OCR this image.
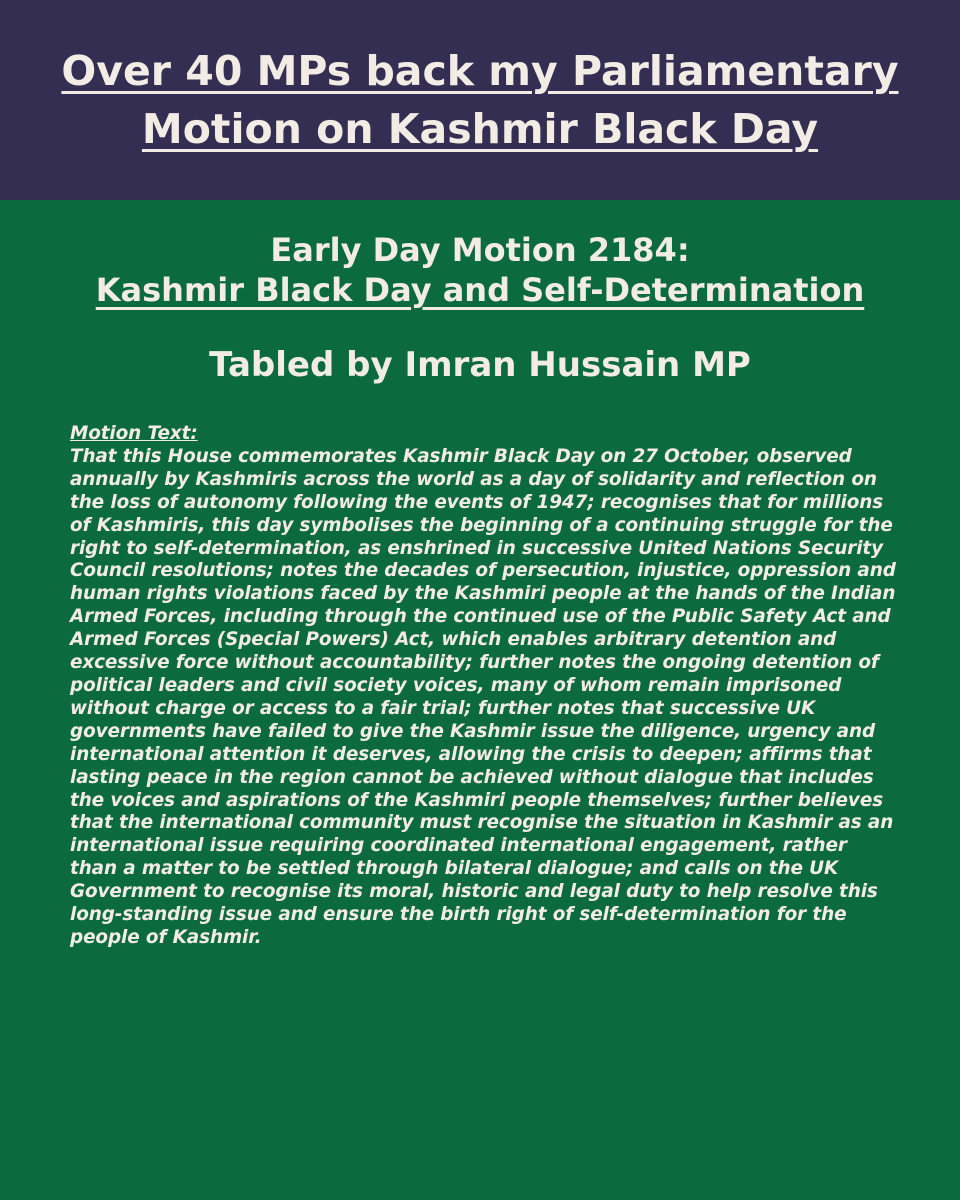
Over 40 MPs back my Parliamentary Motion on Kashmir Black Day
Early Day Motion 2184:
Kashmir Black Day and Self-Determination
Tabled by Imran Hussain MP
Motion Text:

That this House commemorates Kashmir Black Day on 27 October, observed annually by Kashmiris across the world as a day of solidarity and reflection on the loss of autonomy following the events of 1947; recognises that for millions of Kashmiris, this day symbolises the beginning of a continuing struggle for the right to self-determination, as enshrined in successive United Nations Security Council resolutions; notes the decades of persecution, injustice, oppression and human rights violations faced by the Kashmiri people at the hands of the Indian Armed Forces, including through the continued use of the Public Safety Act and Armed Forces (Special Powers) Act, which enables arbitrary detention and excessive force without accountability; further notes the ongoing detention of political leaders and civil society voices, many of whom remain imprisoned without charge or access to a fair trial; further notes that successive UK governments have failed to give the Kashmir issue the diligence, urgency and international attention it deserves, allowing the crisis to deepen; affirms that lasting peace in the region cannot be achieved without dialogue that includes the voices and aspirations of the Kashmiri people themselves; further believes that the international community must recognise the situation in Kashmir as an international issue requiring coordinated international engagement, rather than a matter to be settled through bilateral dialogue; and calls on the UK Government to recognise its moral, historic and legal duty to help resolve this long-standing issue and ensure the birth right of self-determination for the people of Kashmir.
